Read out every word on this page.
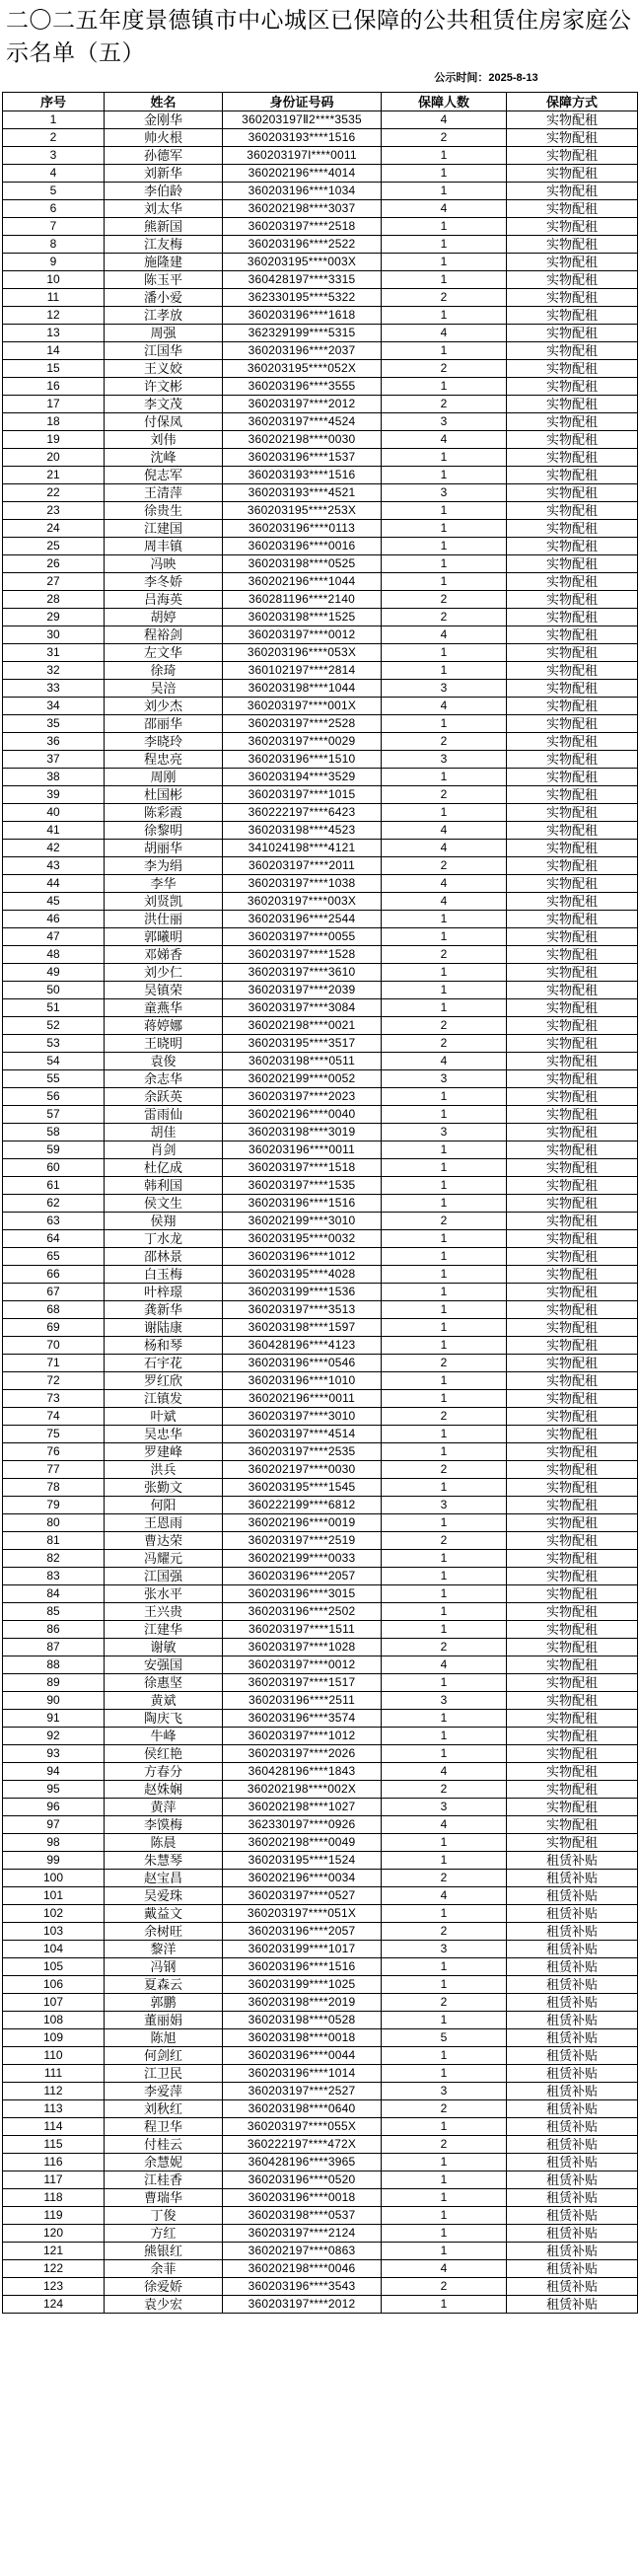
二〇二五年度景德镇市中心城区已保障的公共租赁住房家庭公示名单（五）
公示时间：2025-8-13
序号	姓名	身份证号码	保障人数	保障方式
1	金刚华	360203197Ⅱ2****3535	4	实物配租
2	帅火根	360203193****1516	2	实物配租
3	孙德军	360203197I****0011	1	实物配租
4	刘新华	360202196****4014	1	实物配租
5	李伯龄	360203196****1034	1	实物配租
6	刘太华	360202198****3037	4	实物配租
7	熊新国	360203197****2518	1	实物配租
8	江友梅	360203196****2522	1	实物配租
9	施隆建	360203195****003X	1	实物配租
10	陈玉平	360428197****3315	1	实物配租
11	潘小爱	362330195****5322	2	实物配租
12	江孝放	360203196****1618	1	实物配租
13	周强	362329199****5315	4	实物配租
14	江国华	360203196****2037	1	实物配租
15	王义姣	360203195****052X	2	实物配租
16	许文彬	360203196****3555	1	实物配租
17	李文茂	360203197****2012	2	实物配租
18	付保凤	360203197****4524	3	实物配租
19	刘伟	360202198****0030	4	实物配租
20	沈峰	360203196****1537	1	实物配租
21	倪志军	360203193****1516	1	实物配租
22	王清萍	360203193****4521	3	实物配租
23	徐贵生	360203195****253X	1	实物配租
24	江建国	360203196****0113	1	实物配租
25	周丰镇	360203196****0016	1	实物配租
26	冯映	360203198****0525	1	实物配租
27	李冬娇	360202196****1044	1	实物配租
28	吕海英	360281196****2140	2	实物配租
29	胡婷	360203198****1525	2	实物配租
30	程裕剑	360203197****0012	4	实物配租
31	左文华	360203196****053X	1	实物配租
32	徐琦	360102197****2814	1	实物配租
33	吴涪	360203198****1044	3	实物配租
34	刘少杰	360203197****001X	4	实物配租
35	邵丽华	360203197****2528	1	实物配租
36	李晓玲	360203197****0029	2	实物配租
37	程忠亮	360203196****1510	3	实物配租
38	周刚	360203194****3529	1	实物配租
39	杜国彬	360203197****1015	2	实物配租
40	陈彩霞	360222197****6423	1	实物配租
41	徐黎明	360203198****4523	4	实物配租
42	胡丽华	341024198****4121	4	实物配租
43	李为绢	360203197****2011	2	实物配租
44	李华	360203197****1038	4	实物配租
45	刘贤凯	360203197****003X	4	实物配租
46	洪仕丽	360203196****2544	1	实物配租
47	郭曦明	360203197****0055	1	实物配租
48	邓娣香	360203197****1528	2	实物配租
49	刘少仁	360203197****3610	1	实物配租
50	吴镇荣	360203197****2039	1	实物配租
51	童燕华	360203197****3084	1	实物配租
52	蒋婷娜	360202198****0021	2	实物配租
53	王晓明	360203195****3517	2	实物配租
54	袁俊	360203198****0511	4	实物配租
55	余志华	360202199****0052	3	实物配租
56	余跃英	360203197****2023	1	实物配租
57	雷雨仙	360202196****0040	1	实物配租
58	胡佳	360203198****3019	3	实物配租
59	肖剑	360203196****0011	1	实物配租
60	杜亿成	360203197****1518	1	实物配租
61	韩利国	360203197****1535	1	实物配租
62	侯文生	360203196****1516	1	实物配租
63	侯翔	360202199****3010	2	实物配租
64	丁水龙	360203195****0032	1	实物配租
65	邵林景	360203196****1012	1	实物配租
66	白玉梅	360203195****4028	1	实物配租
67	叶梓璟	360203199****1536	1	实物配租
68	龚新华	360203197****3513	1	实物配租
69	谢陆康	360203198****1597	1	实物配租
70	杨和琴	360428196****4123	1	实物配租
71	石宇花	360203196****0546	2	实物配租
72	罗红欣	360203196****1010	1	实物配租
73	江镇发	360202196****0011	1	实物配租
74	叶斌	360203197****3010	2	实物配租
75	吴忠华	360203197****4514	1	实物配租
76	罗建峰	360203197****2535	1	实物配租
77	洪兵	360202197****0030	2	实物配租
78	张勤文	360203195****1545	1	实物配租
79	何阳	360222199****6812	3	实物配租
80	王恩雨	360202196****0019	1	实物配租
81	曹达荣	360203197****2519	2	实物配租
82	冯耀元	360202199****0033	1	实物配租
83	江国强	360203196****2057	1	实物配租
84	张水平	360203196****3015	1	实物配租
85	王兴贵	360203196****2502	1	实物配租
86	江建华	360203197****1511	1	实物配租
87	谢敏	360203197****1028	2	实物配租
88	安强国	360203197****0012	4	实物配租
89	徐惠坚	360203197****1517	1	实物配租
90	黄斌	360203196****2511	3	实物配租
91	陶庆飞	360203196****3574	1	实物配租
92	牛峰	360203197****1012	1	实物配租
93	侯红艳	360203197****2026	1	实物配租
94	方春分	360428196****1843	4	实物配租
95	赵姝娴	360202198****002X	2	实物配租
96	黄萍	360202198****1027	3	实物配租
97	李馍梅	362330197****0926	4	实物配租
98	陈晨	360202198****0049	1	实物配租
99	朱慧琴	360203195****1524	1	租赁补贴
100	赵宝昌	360202196****0034	2	租赁补贴
101	吴爱珠	360203197****0527	4	租赁补贴
102	戴益文	360203197****051X	1	租赁补贴
103	余树旺	360203196****2057	2	租赁补贴
104	黎洋	360203199****1017	3	租赁补贴
105	冯钢	360203196****1516	1	租赁补贴
106	夏森云	360203199****1025	1	租赁补贴
107	郭鹏	360203198****2019	2	租赁补贴
108	董丽娟	360203198****0528	1	租赁补贴
109	陈旭	360203198****0018	5	租赁补贴
110	何剑红	360203196****0044	1	租赁补贴
111	江卫民	360203196****1014	1	租赁补贴
112	李爱萍	360203197****2527	3	租赁补贴
113	刘秋红	360203198****0640	2	租赁补贴
114	程卫华	360203197****055X	1	租赁补贴
115	付桂云	360222197****472X	2	租赁补贴
116	余慧妮	360428196****3965	1	租赁补贴
117	江桂香	360203196****0520	1	租赁补贴
118	曹瑞华	360203196****0018	1	租赁补贴
119	丁俊	360203198****0537	1	租赁补贴
120	方红	360203197****2124	1	租赁补贴
121	熊银红	360202197****0863	1	租赁补贴
122	余菲	360202198****0046	4	租赁补贴
123	徐爱娇	360203196****3543	2	租赁补贴
124	袁少宏	360203197****2012	1	租赁补贴
